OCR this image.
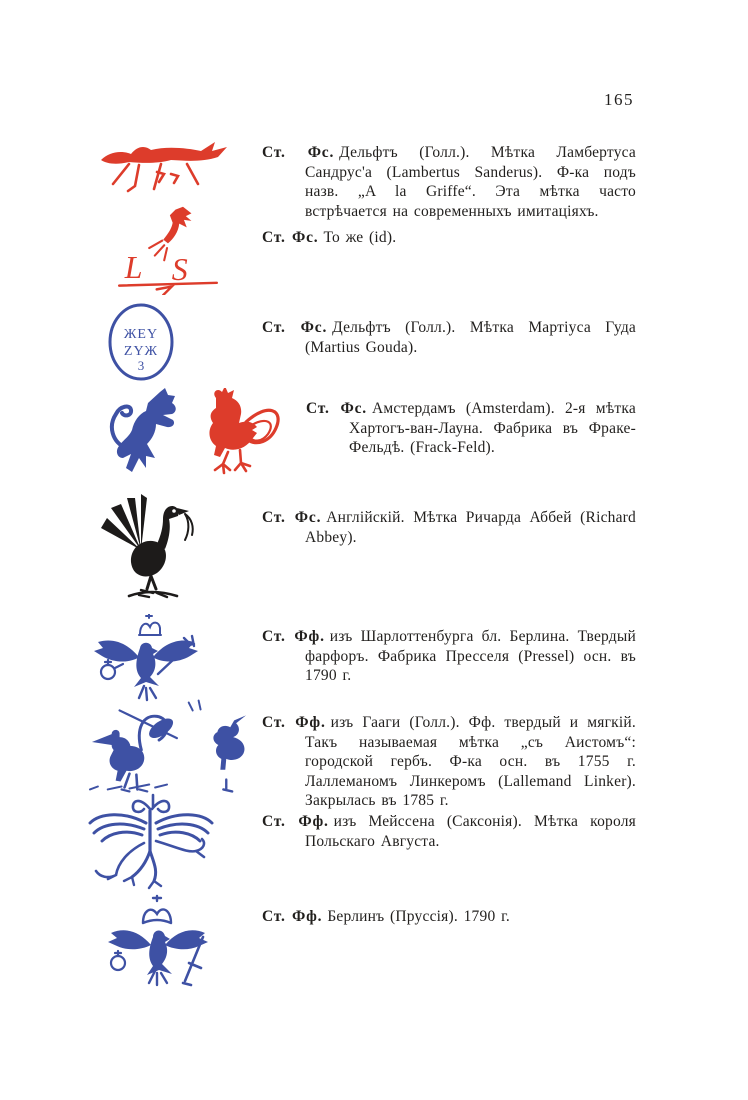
165
L S
ЖEY
ZYЖ
3

Ст. Фс. Дельфтъ (Голл.). Мѣтка Ламбертуса Сандрус'а (Lambertus Sanderus). Ф-ка подъ назв. „A la Griffe“. Эта мѣтка часто встрѣчается на современныхъ имитаціяхъ.

Ст. Фс. То же (id).

Ст. Фс. Дельфтъ (Голл.). Мѣтка Мартіуса Гуда (Martius Gouda).

Ст. Фс. Амстердамъ (Amsterdam). 2-я мѣтка Хартогъ-ван-Лауна. Фабрика въ Фраке-Фельдѣ. (Frack-Feld).

Ст. Фс. Англійскій. Мѣтка Ричарда Аббей (Richard Abbey).

Ст. Фф. изъ Шарлоттенбурга бл. Берлина. Твердый фарфоръ. Фабрика Пресселя (Pressel) осн. въ 1790 г.

Ст. Фф. изъ Гааги (Голл.). Фф. твердый и мягкій. Такъ называемая мѣтка „съ Аистомъ“: городской гербъ. Ф-ка осн. въ 1755 г. Лаллеманомъ Линкеромъ (Lallemand Linker). Закрылась въ 1785 г.

Ст. Фф. изъ Мейссена (Саксонія). Мѣтка короля Польскаго Августа.

Ст. Фф. Берлинъ (Пруссія). 1790 г.
